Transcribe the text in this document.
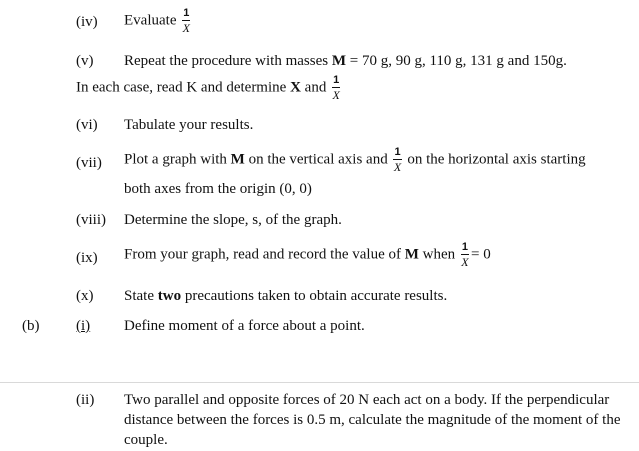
(iv) Evaluate $\frac{1}{X}$
(v) Repeat the procedure with masses M = 70 g, 90 g, 110 g, 131 g and 150g.
In each case, read K and determine X and $\frac{1}{X}$
(vi) Tabulate your results.
(vii) Plot a graph with M on the vertical axis and $\frac{1}{X}$ on the horizontal axis starting
both axes from the origin (0, 0)
(viii) Determine the slope, s, of the graph.
(ix) From your graph, read and record the value of M when $\frac{1}{X} = 0$
(x) State two precautions taken to obtain accurate results.
(b) (i) Define moment of a force about a point.
(ii) Two parallel and opposite forces of 20 N each act on a body. If the perpendicular distance between the forces is 0.5 m, calculate the magnitude of the moment of the couple.
